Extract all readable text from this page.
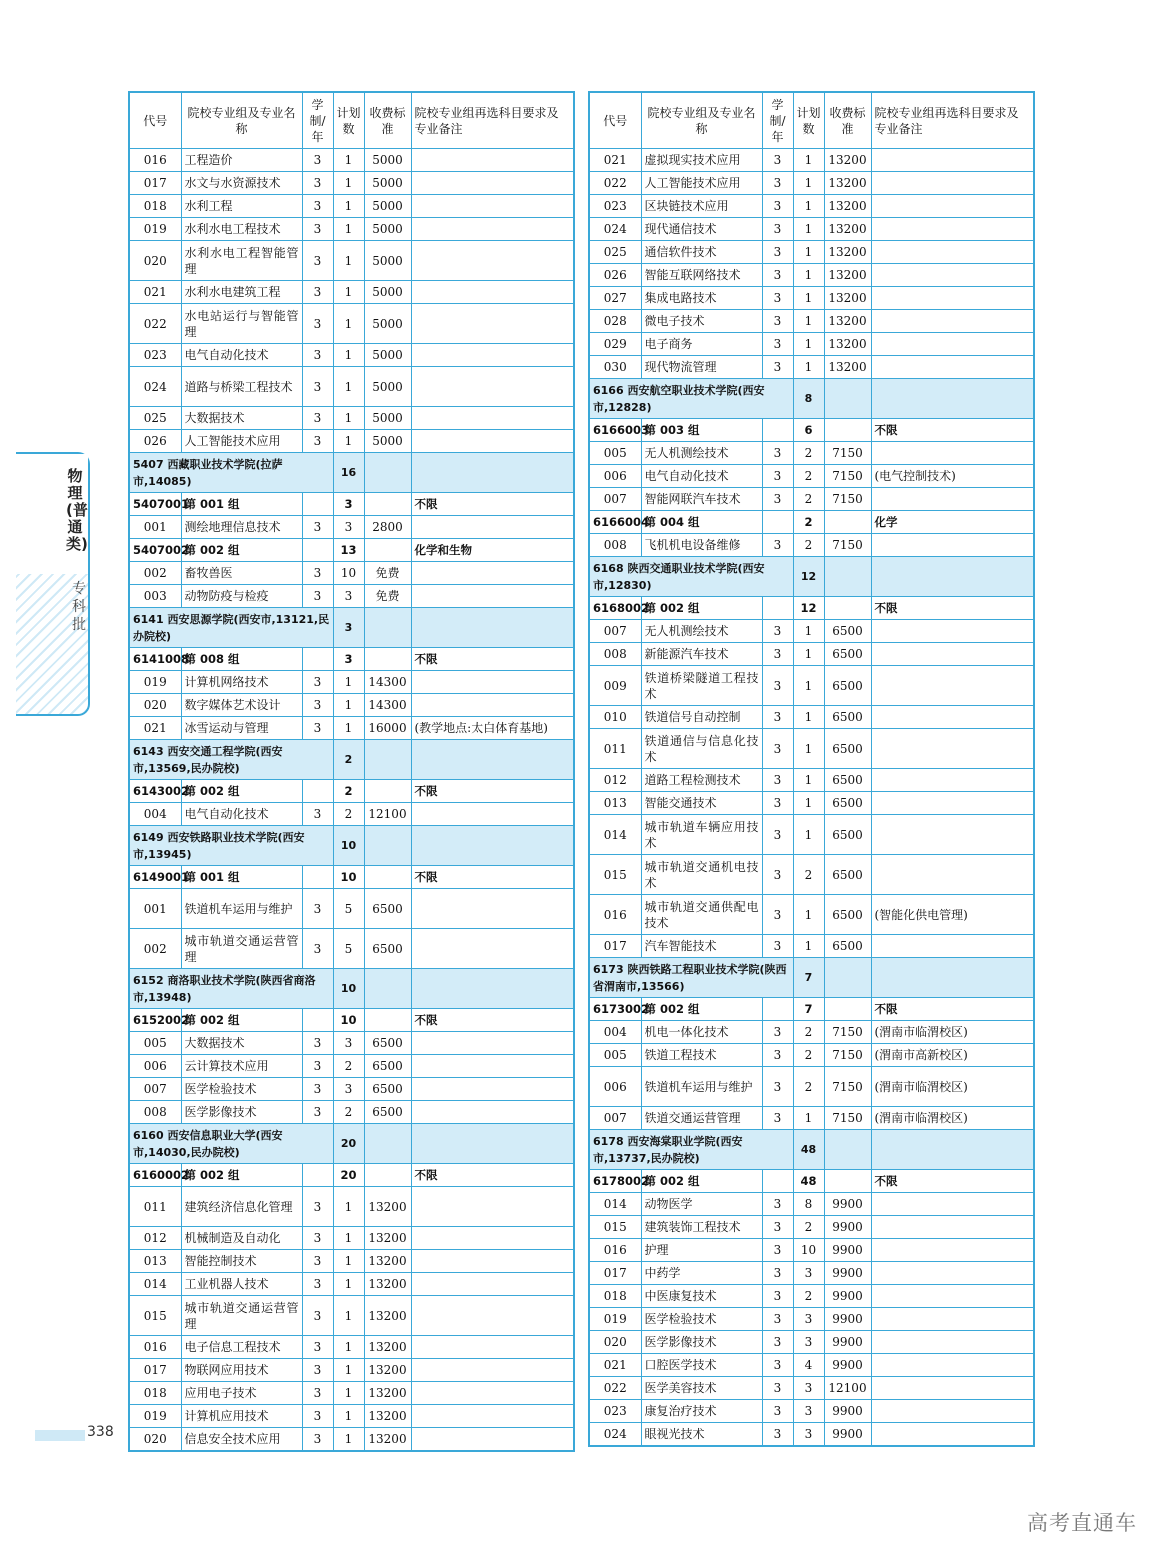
代号	院校专业组及专业名称	学制/年	计划数	收费标准	院校专业组再选科目要求及专业备注
016	工程造价	3	1	5000	
017	水文与水资源技术	3	1	5000	
018	水利工程	3	1	5000	
019	水利水电工程技术	3	1	5000	
020	水利水电工程智能管理	3	1	5000	
021	水利水电建筑工程	3	1	5000	
022	水电站运行与智能管理	3	1	5000	
023	电气自动化技术	3	1	5000	
024	道路与桥梁工程技术	3	1	5000	
025	大数据技术	3	1	5000	
026	人工智能技术应用	3	1	5000	
5407 西藏职业技术学院(拉萨市,14085)			16		
5407001	第 001 组		3		不限
001	测绘地理信息技术	3	3	2800	
5407002	第 002 组		13		化学和生物
002	畜牧兽医	3	10	免费	
003	动物防疫与检疫	3	3	免费	
6141 西安思源学院(西安市,13121,民办院校)			3		
6141008	第 008 组		3		不限
019	计算机网络技术	3	1	14300	
020	数字媒体艺术设计	3	1	14300	
021	冰雪运动与管理	3	1	16000	(教学地点:太白体育基地)
6143 西安交通工程学院(西安市,13569,民办院校)			2		
6143002	第 002 组		2		不限
004	电气自动化技术	3	2	12100	
6149 西安铁路职业技术学院(西安市,13945)			10		
6149001	第 001 组		10		不限
001	铁道机车运用与维护	3	5	6500	
002	城市轨道交通运营管理	3	5	6500	
6152 商洛职业技术学院(陕西省商洛市,13948)			10		
6152002	第 002 组		10		不限
005	大数据技术	3	3	6500	
006	云计算技术应用	3	2	6500	
007	医学检验技术	3	3	6500	
008	医学影像技术	3	2	6500	
6160 西安信息职业大学(西安市,14030,民办院校)			20		
6160002	第 002 组		20		不限
011	建筑经济信息化管理	3	1	13200	
012	机械制造及自动化	3	1	13200	
013	智能控制技术	3	1	13200	
014	工业机器人技术	3	1	13200	
015	城市轨道交通运营管理	3	1	13200	
016	电子信息工程技术	3	1	13200	
017	物联网应用技术	3	1	13200	
018	应用电子技术	3	1	13200	
019	计算机应用技术	3	1	13200	
020	信息安全技术应用	3	1	13200	
代号	院校专业组及专业名称	学制/年	计划数	收费标准	院校专业组再选科目要求及专业备注
021	虚拟现实技术应用	3	1	13200	
022	人工智能技术应用	3	1	13200	
023	区块链技术应用	3	1	13200	
024	现代通信技术	3	1	13200	
025	通信软件技术	3	1	13200	
026	智能互联网络技术	3	1	13200	
027	集成电路技术	3	1	13200	
028	微电子技术	3	1	13200	
029	电子商务	3	1	13200	
030	现代物流管理	3	1	13200	
6166 西安航空职业技术学院(西安市,12828)			8		
6166003	第 003 组		6		不限
005	无人机测绘技术	3	2	7150	
006	电气自动化技术	3	2	7150	(电气控制技术)
007	智能网联汽车技术	3	2	7150	
6166004	第 004 组		2		化学
008	飞机机电设备维修	3	2	7150	
6168 陕西交通职业技术学院(西安市,12830)			12		
6168002	第 002 组		12		不限
007	无人机测绘技术	3	1	6500	
008	新能源汽车技术	3	1	6500	
009	铁道桥梁隧道工程技术	3	1	6500	
010	铁道信号自动控制	3	1	6500	
011	铁道通信与信息化技术	3	1	6500	
012	道路工程检测技术	3	1	6500	
013	智能交通技术	3	1	6500	
014	城市轨道车辆应用技术	3	1	6500	
015	城市轨道交通机电技术	3	2	6500	
016	城市轨道交通供配电技术	3	1	6500	(智能化供电管理)
017	汽车智能技术	3	1	6500	
6173 陕西铁路工程职业技术学院(陕西省渭南市,13566)			7		
6173002	第 002 组		7		不限
004	机电一体化技术	3	2	7150	(渭南市临渭校区)
005	铁道工程技术	3	2	7150	(渭南市高新校区)
006	铁道机车运用与维护	3	2	7150	(渭南市临渭校区)
007	铁道交通运营管理	3	1	7150	(渭南市临渭校区)
6178 西安海棠职业学院(西安市,13737,民办院校)			48		
6178002	第 002 组		48		不限
014	动物医学	3	8	9900	
015	建筑装饰工程技术	3	2	9900	
016	护理	3	10	9900	
017	中药学	3	3	9900	
018	中医康复技术	3	2	9900	
019	医学检验技术	3	3	9900	
020	医学影像技术	3	3	9900	
021	口腔医学技术	3	4	9900	
022	医学美容技术	3	3	12100	
023	康复治疗技术	3	3	9900	
024	眼视光技术	3	3	9900	
物理(普通类)
专科批
338
高考直通车
